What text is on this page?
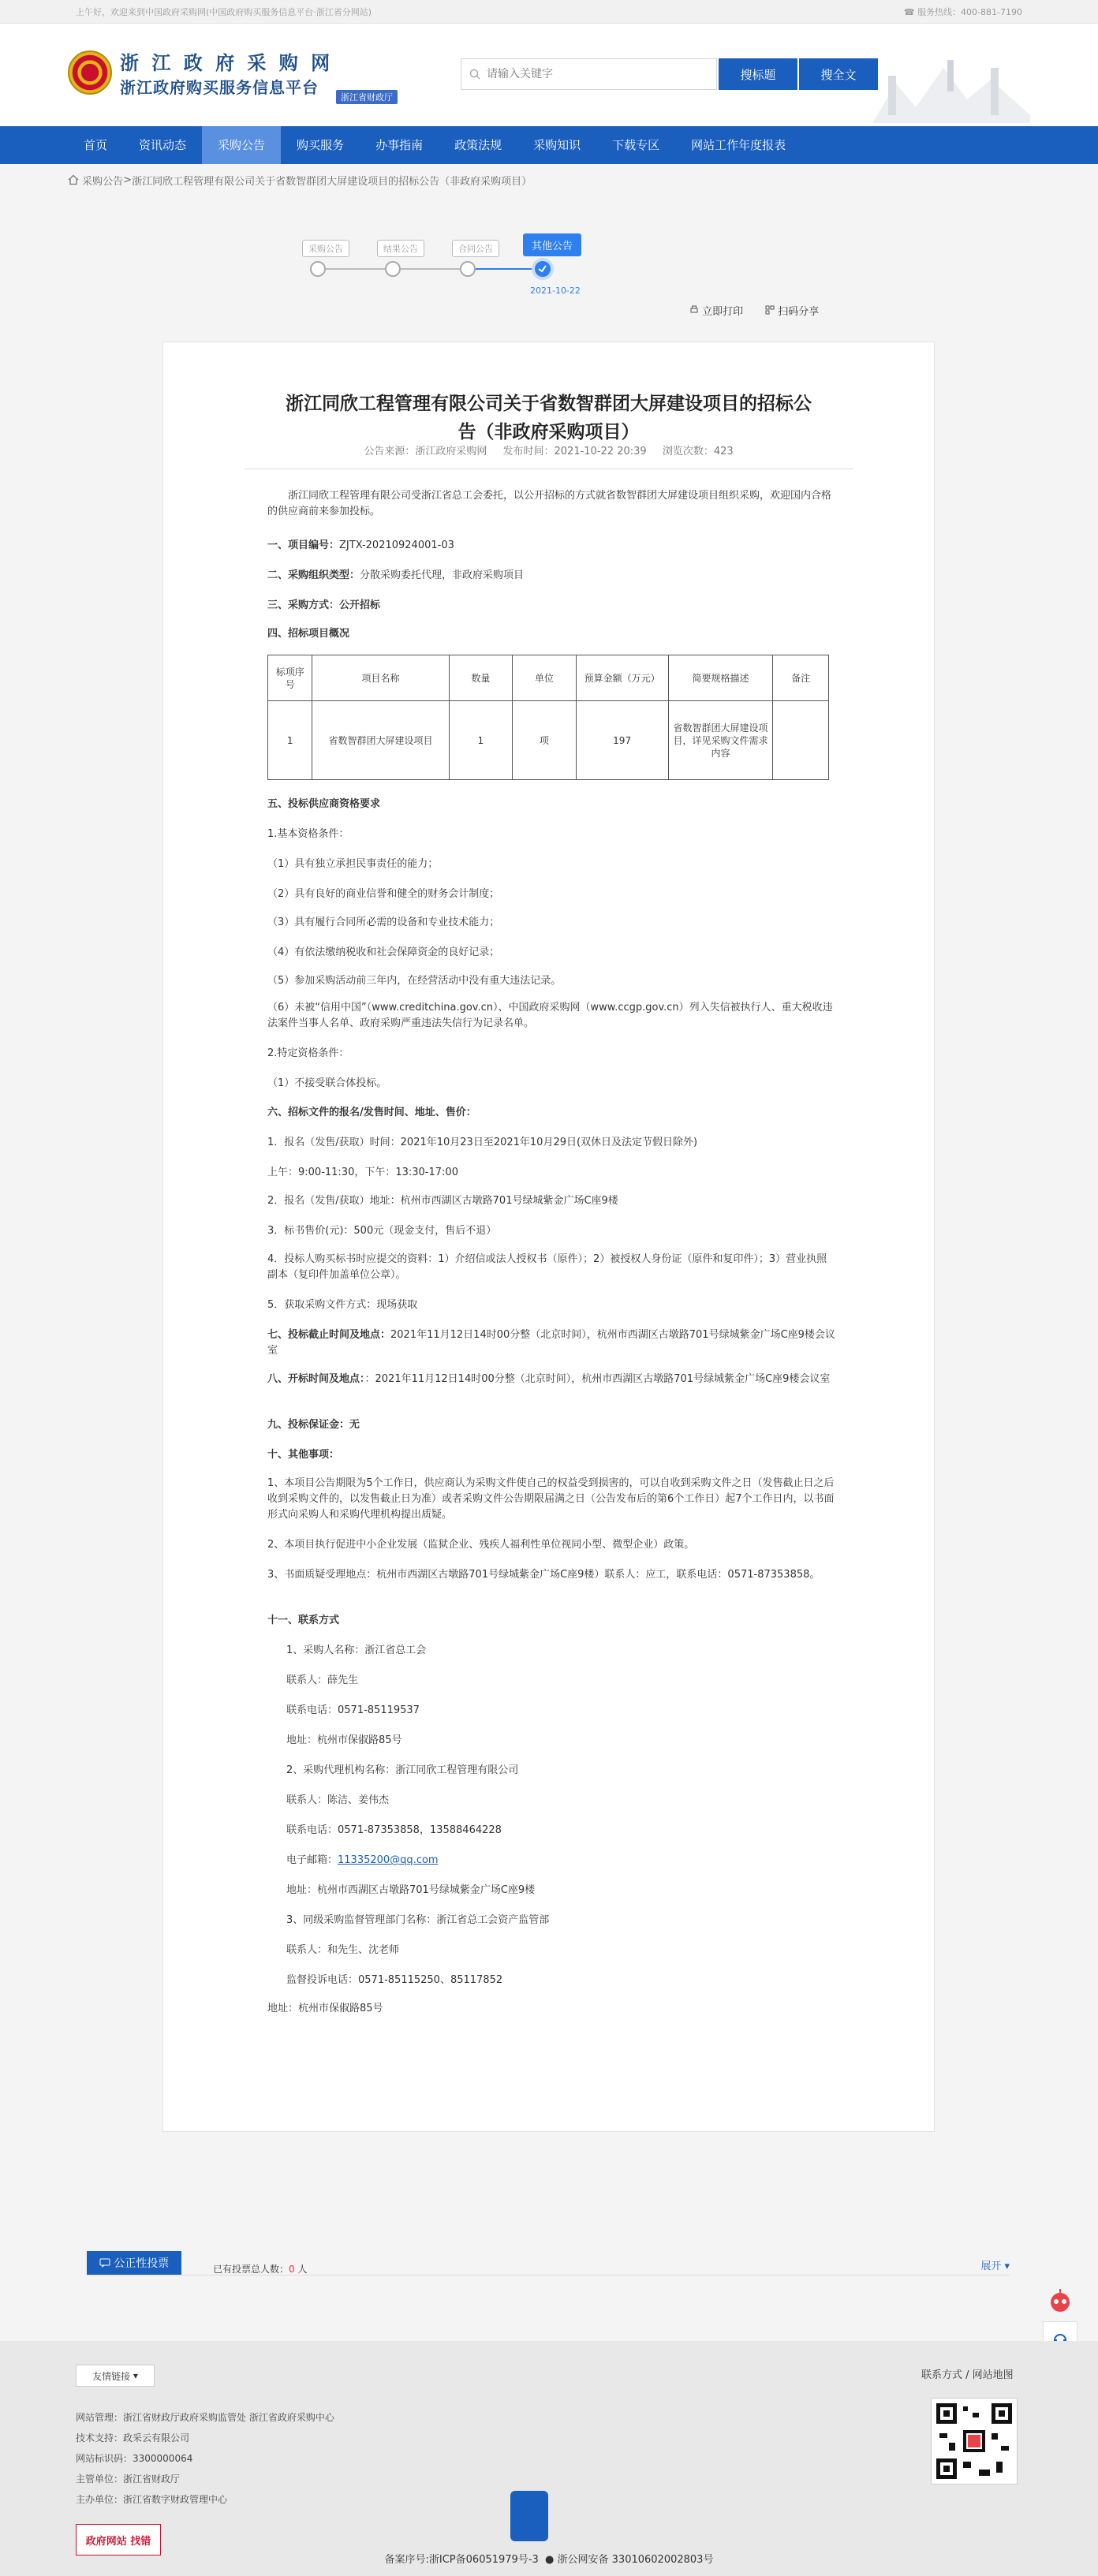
上午好，欢迎来到中国政府采购网(中国政府购买服务信息平台·浙江省分网站)	☎ 服务热线：400-881-7190
浙 江 政 府 采 购 网
浙江政府购买服务信息平台
浙江省财政厅
请输入关键字
搜标题	搜全文
首页	资讯动态	采购公告	购买服务	办事指南	政策法规	采购知识	下载专区	网站工作年度报表

采购公告 > 浙江同欣工程管理有限公司关于省数智群团大屏建设项目的招标公告（非政府采购项目）
采购公告	结果公告	合同公告	其他公告
2021-10-22
立即打印	扫码分享
浙江同欣工程管理有限公司关于省数智群团大屏建设项目的招标公
告（非政府采购项目）
公告来源：浙江政府采购网 发布时间：2021-10-22 20:39 浏览次数：423
浙江同欣工程管理有限公司受浙江省总工会委托，以公开招标的方式就省数智群团大屏建设项目组织采购，欢迎国内合格的供应商前来参加投标。
一、项目编号：ZJTX-20210924001-03
二、采购组织类型：分散采购委托代理，非政府采购项目
三、采购方式：公开招标
四、招标项目概况
标项序号	项目名称	数量	单位	预算金额（万元）	简要规格描述	备注
1	省数智群团大屏建设项目	1	项	197	省数智群团大屏建设项目，详见采购文件需求内容	
五、投标供应商资格要求
1.基本资格条件：
（1）具有独立承担民事责任的能力；
（2）具有良好的商业信誉和健全的财务会计制度；
（3）具有履行合同所必需的设备和专业技术能力；
（4）有依法缴纳税收和社会保障资金的良好记录；
（5）参加采购活动前三年内，在经营活动中没有重大违法记录。
（6）未被“信用中国”（www.creditchina.gov.cn）、中国政府采购网（www.ccgp.gov.cn）列入失信被执行人、重大税收违法案件当事人名单、政府采购严重违法失信行为记录名单。
2.特定资格条件：
（1）不接受联合体投标。
六、招标文件的报名/发售时间、地址、售价：
1．报名（发售/获取）时间：2021年10月23日至2021年10月29日(双休日及法定节假日除外)
上午：9:00-11:30，下午：13:30-17:00
2．报名（发售/获取）地址：杭州市西湖区古墩路701号绿城紫金广场C座9楼
3．标书售价(元)：500元（现金支付，售后不退）
4．投标人购买标书时应提交的资料：1）介绍信或法人授权书（原件）；2）被授权人身份证（原件和复印件）；3）营业执照副本（复印件加盖单位公章）。
5．获取采购文件方式：现场获取
七、投标截止时间及地点：2021年11月12日14时00分整（北京时间），杭州市西湖区古墩路701号绿城紫金广场C座9楼会议室
八、开标时间及地点：：2021年11月12日14时00分整（北京时间），杭州市西湖区古墩路701号绿城紫金广场C座9楼会议室
九、投标保证金：无
十、其他事项：
1、本项目公告期限为5个工作日，供应商认为采购文件使自己的权益受到损害的，可以自收到采购文件之日（发售截止日之后收到采购文件的，以发售截止日为准）或者采购文件公告期限届满之日（公告发布后的第6个工作日）起7个工作日内，以书面形式向采购人和采购代理机构提出质疑。
2、本项目执行促进中小企业发展（监狱企业、残疾人福利性单位视同小型、微型企业）政策。
3、书面质疑受理地点：杭州市西湖区古墩路701号绿城紫金广场C座9楼）联系人：应工，联系电话：0571-87353858。
十一、联系方式
1、采购人名称：浙江省总工会
联系人：薛先生
联系电话：0571-85119537
地址：杭州市保俶路85号
2、采购代理机构名称：浙江同欣工程管理有限公司
联系人：陈洁、姜伟杰
联系电话：0571-87353858，13588464228
电子邮箱：11335200@qq.com
地址：杭州市西湖区古墩路701号绿城紫金广场C座9楼
3、同级采购监督管理部门名称：浙江省总工会资产监管部
联系人：和先生、沈老师
监督投诉电话：0571-85115250、85117852
地址：杭州市保俶路85号

公正性投票	已有投票总人数：0 人	展开 ▾
友情链接 ▾
网站管理：浙江省财政厅政府采购监管处 浙江省政府采购中心
技术支持：政采云有限公司
网站标识码：3300000064
主管单位：浙江省财政厅
主办单位：浙江省数字财政管理中心
政府网站 找错
联系方式 / 网站地图
备案序号:浙ICP备06051979号-3 ● 浙公网安备 33010602002803号
